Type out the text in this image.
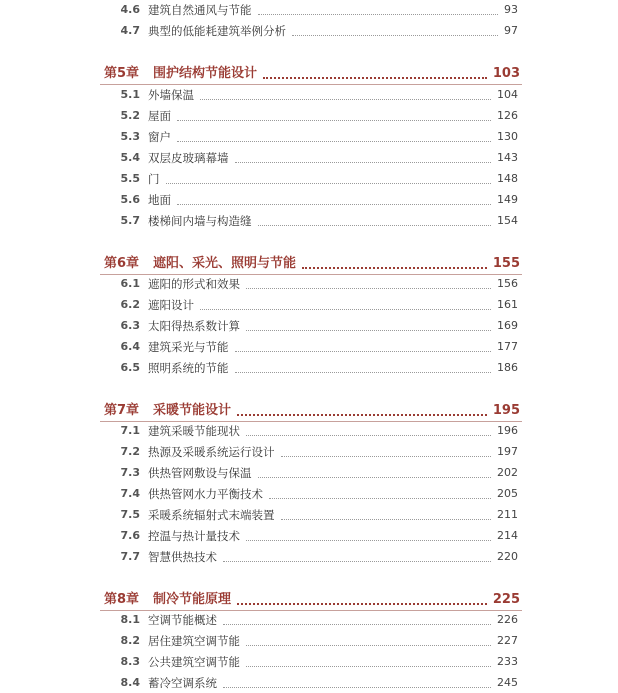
4.6 建筑自然通风与节能	93
4.7 典型的低能耗建筑举例分析	97
第5章 围护结构节能设计	103
5.1 外墙保温	104
5.2 屋面	126
5.3 窗户	130
5.4 双层皮玻璃幕墙	143
5.5 门	148
5.6 地面	149
5.7 楼梯间内墙与构造缝	154
第6章 遮阳、采光、照明与节能	155
6.1 遮阳的形式和效果	156
6.2 遮阳设计	161
6.3 太阳得热系数计算	169
6.4 建筑采光与节能	177
6.5 照明系统的节能	186
第7章 采暖节能设计	195
7.1 建筑采暖节能现状	196
7.2 热源及采暖系统运行设计	197
7.3 供热管网敷设与保温	202
7.4 供热管网水力平衡技术	205
7.5 采暖系统辐射式末端装置	211
7.6 控温与热计量技术	214
7.7 智慧供热技术	220
第8章 制冷节能原理	225
8.1 空调节能概述	226
8.2 居住建筑空调节能	227
8.3 公共建筑空调节能	233
8.4 蓄冷空调系统	245
